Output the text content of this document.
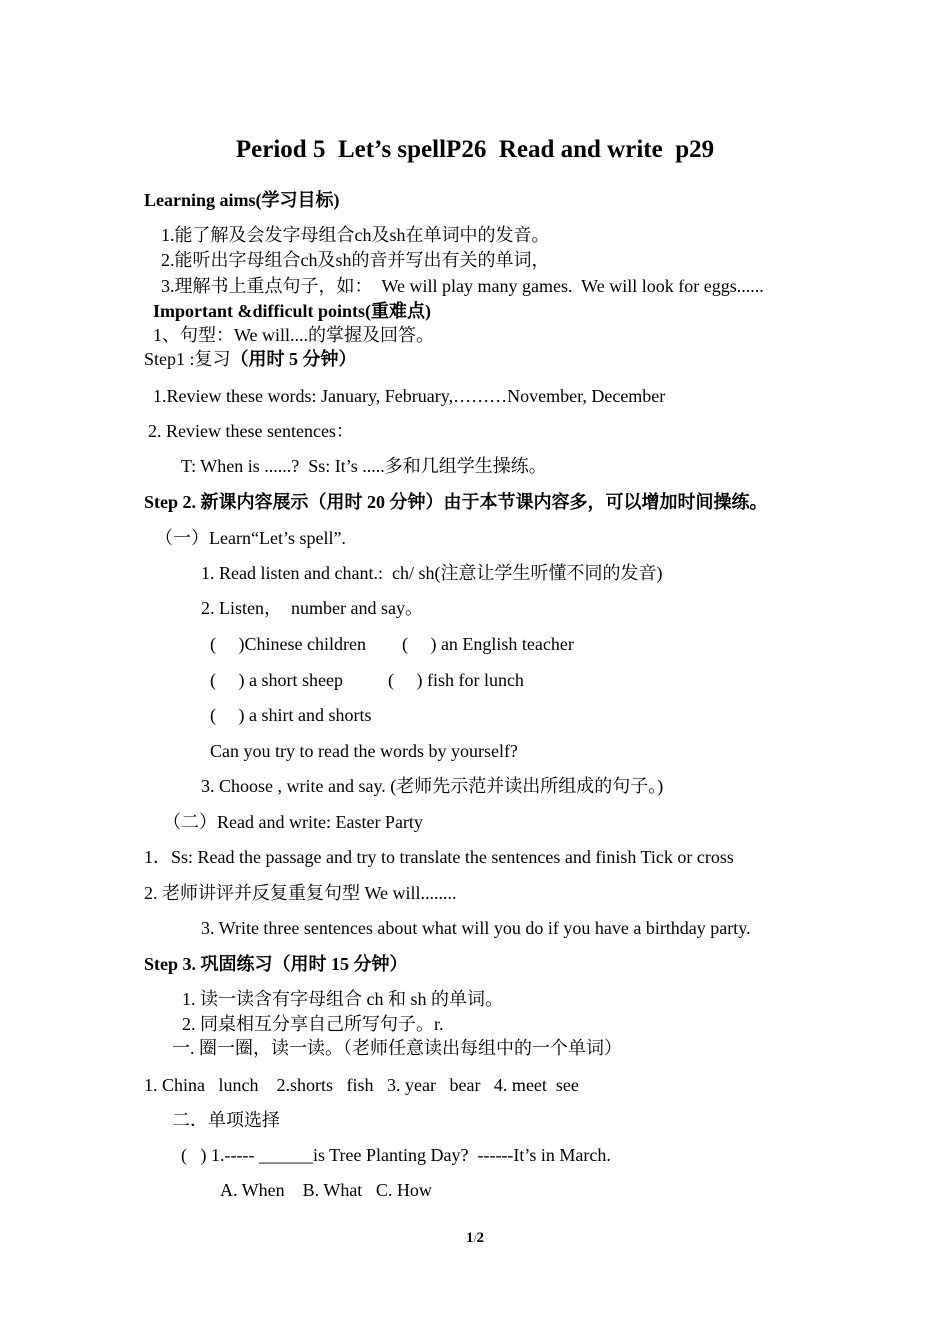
Period 5  Let’s spellP26  Read and write  p29
Learning aims(学习目标)
1.能了解及会发字母组合ch及sh在单词中的发音。
2.能听出字母组合ch及sh的音并写出有关的单词，
3.理解书上重点句子，如：  We will play many games.  We will look for eggs......
Important &difficult points(重难点)
1、句型：We will....的掌握及回答。
Step1 :复习（用时 5 分钟）
1.Review these words: January, February,………November, December
2. Review these sentences：
T: When is ......?  Ss: It’s .....多和几组学生操练。
Step 2. 新课内容展示（用时 20 分钟）由于本节课内容多，可以增加时间操练。
（一）Learn“Let’s spell”.
1. Read listen and chant.:  ch/ sh(注意让学生听懂不同的发音)
2. Listen，  number and say。
(     )Chinese children        (     ) an English teacher
(     ) a short sheep          (     ) fish for lunch
(     ) a shirt and shorts
Can you try to read the words by yourself?
3. Choose , write and say. (老师先示范并读出所组成的句子。)
（二）Read and write: Easter Party
1．Ss: Read the passage and try to translate the sentences and finish Tick or cross
2. 老师讲评并反复重复句型 We will........
3. Write three sentences about what will you do if you have a birthday party.
Step 3. 巩固练习（用时 15 分钟）
1. 读一读含有字母组合 ch 和 sh 的单词。
2. 同桌相互分享自己所写句子。r.
一. 圈一圈，读一读。（老师任意读出每组中的一个单词）
1. China   lunch    2.shorts   fish   3. year   bear   4. meet  see
二．单项选择
(   ) 1.----- ______is Tree Planting Day?  ------It’s in March.
A. When    B. What   C. How
1/2
